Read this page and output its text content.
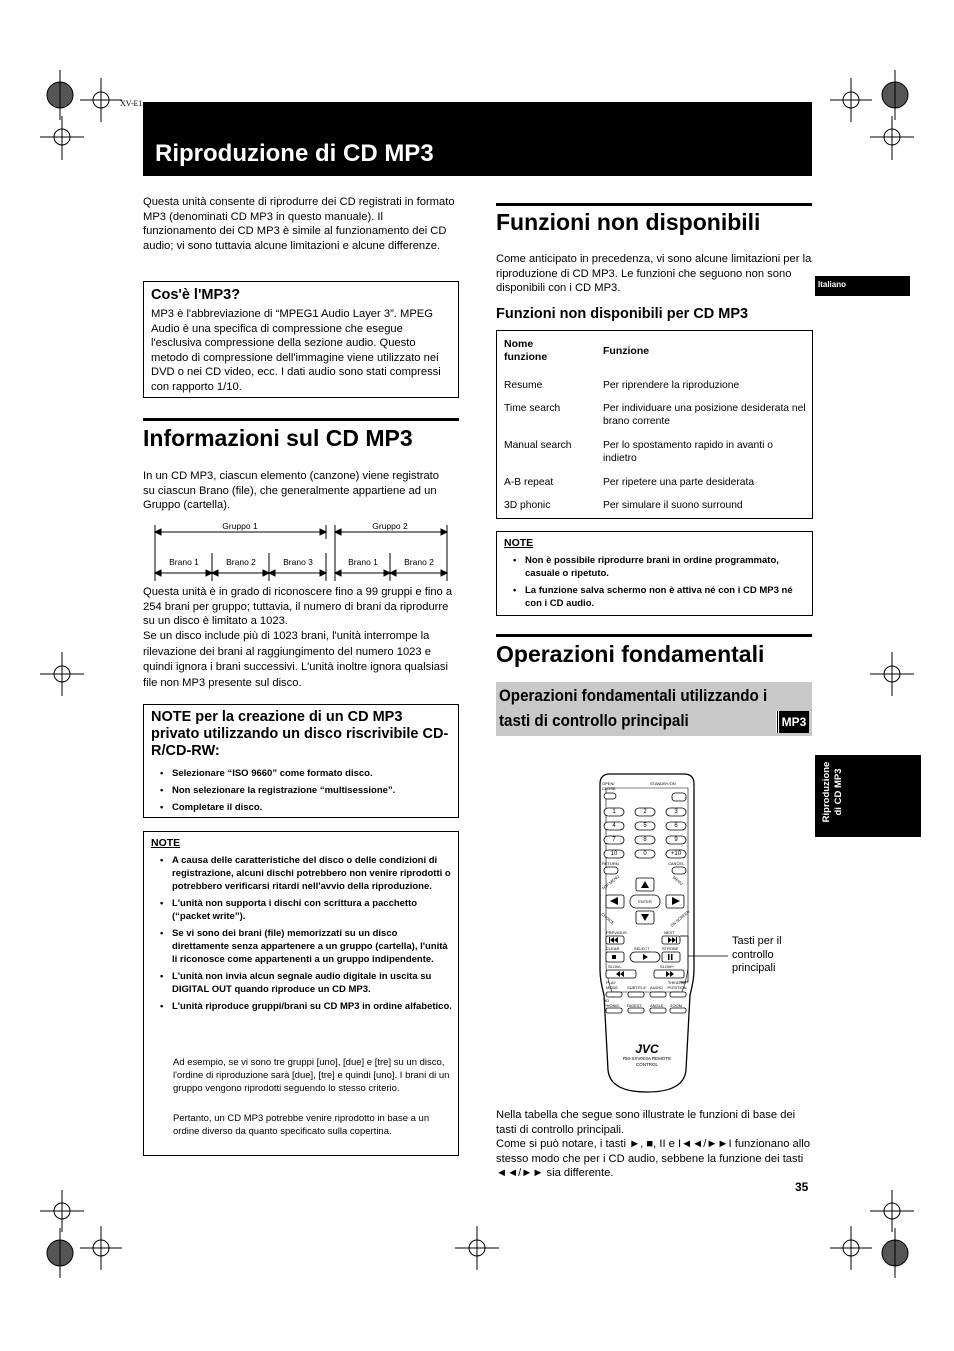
XV-E1
Riproduzione di CD MP3
Questa unità consente di riprodurre dei CD registrati in formato MP3 (denominati CD MP3 in questo manuale). Il funzionamento dei CD MP3 è simile al funzionamento dei CD audio; vi sono tuttavia alcune limitazioni e alcune differenze.
Cos'è l'MP3?
MP3 è l'abbreviazione di “MPEG1 Audio Layer 3”. MPEG Audio è una specifica di compressione che esegue l'esclusiva compressione della sezione audio. Questo metodo di compressione dell'immagine viene utilizzato nei DVD o nei CD video, ecc. I dati audio sono stati compressi con rapporto 1/10.
Informazioni sul CD MP3
In un CD MP3, ciascun elemento (canzone) viene registrato su ciascun Brano (file), che generalmente appartiene ad un Gruppo (cartella).
Gruppo 1	Gruppo 2
Brano 1	Brano 2	Brano 3	Brano 1	Brano 2
Questa unità è in grado di riconoscere fino a 99 gruppi e fino a 254 brani per gruppo; tuttavia, il numero di brani da riprodurre su un disco è limitato a 1023.
Se un disco include più di 1023 brani, l'unità interrompe la rilevazione dei brani al raggiungimento del numero 1023 e quindi ignora i brani successivi. L'unità inoltre ignora qualsiasi file non MP3 presente sul disco.
NOTE per la creazione di un CD MP3 privato utilizzando un disco riscrivibile CD-R/CD-RW:
• Selezionare “ISO 9660” come formato disco.
• Non selezionare la registrazione “multisessione”.
• Completare il disco.
NOTE
• A causa delle caratteristiche del disco o delle condizioni di registrazione, alcuni dischi potrebbero non venire riprodotti o potrebbero verificarsi ritardi nell'avvio della riproduzione.
• L'unità non supporta i dischi con scrittura a pacchetto (“packet write”).
• Se vi sono dei brani (file) memorizzati su un disco direttamente senza appartenere a un gruppo (cartella), l'unità li riconosce come appartenenti a un gruppo indipendente.
• L'unità non invia alcun segnale audio digitale in uscita su DIGITAL OUT quando riproduce un CD MP3.
• L'unità riproduce gruppi/brani su CD MP3 in ordine alfabetico.
Ad esempio, se vi sono tre gruppi [uno], [due] e [tre] su un disco, l'ordine di riproduzione sarà [due], [tre] e quindi [uno]. I brani di un gruppo vengono riprodotti seguendo lo stesso criterio.
Pertanto, un CD MP3 potrebbe venire riprodotto in base a un ordine diverso da quanto specificato sulla copertina.
Funzioni non disponibili
Come anticipato in precedenza, vi sono alcune limitazioni per la riproduzione di CD MP3. Le funzioni che seguono non sono disponibili con i CD MP3.
Funzioni non disponibili per CD MP3
Nome funzione	Funzione
Resume	Per riprendere la riproduzione
Time search	Per individuare una posizione desiderata nel brano corrente
Manual search	Per lo spostamento rapido in avanti o indietro
A-B repeat	Per ripetere una parte desiderata
3D phonic	Per simulare il suono surround
NOTE
• Non è possibile riprodurre brani in ordine programmato, casuale o ripetuto.
• La funzione salva schermo non è attiva né con i CD MP3 né con i CD audio.
Operazioni fondamentali
Operazioni fondamentali utilizzando i tasti di controllo principali	MP3
OPEN/ CLOSE
STANDBY/ON
1	2	3
4	5	6
7	8	9
10	0	+10
RETURN	CANCEL
TOP MENU	MENU
ENTER
CHOICE	ON SCREEN
PREVIOUS	NEXT
CLEAR	SELECT	STROBE
SLOW–	SLOW+
PLAY MODE	SUBTITLE AUDIO
THEATER POSITION
3D PHONIC DIGEST ANGLE ZOOM
JVC
RM-SXV003A REMOTE CONTROL
Tasti per il controllo principali
Nella tabella che segue sono illustrate le funzioni di base dei tasti di controllo principali.
Come si può notare, i tasti ►, ■, II e I◄◄/►►I funzionano allo stesso modo che per i CD audio, sebbene la funzione dei tasti ◄◄/►► sia differente.
35
Italiano
Riproduzione di CD MP3
